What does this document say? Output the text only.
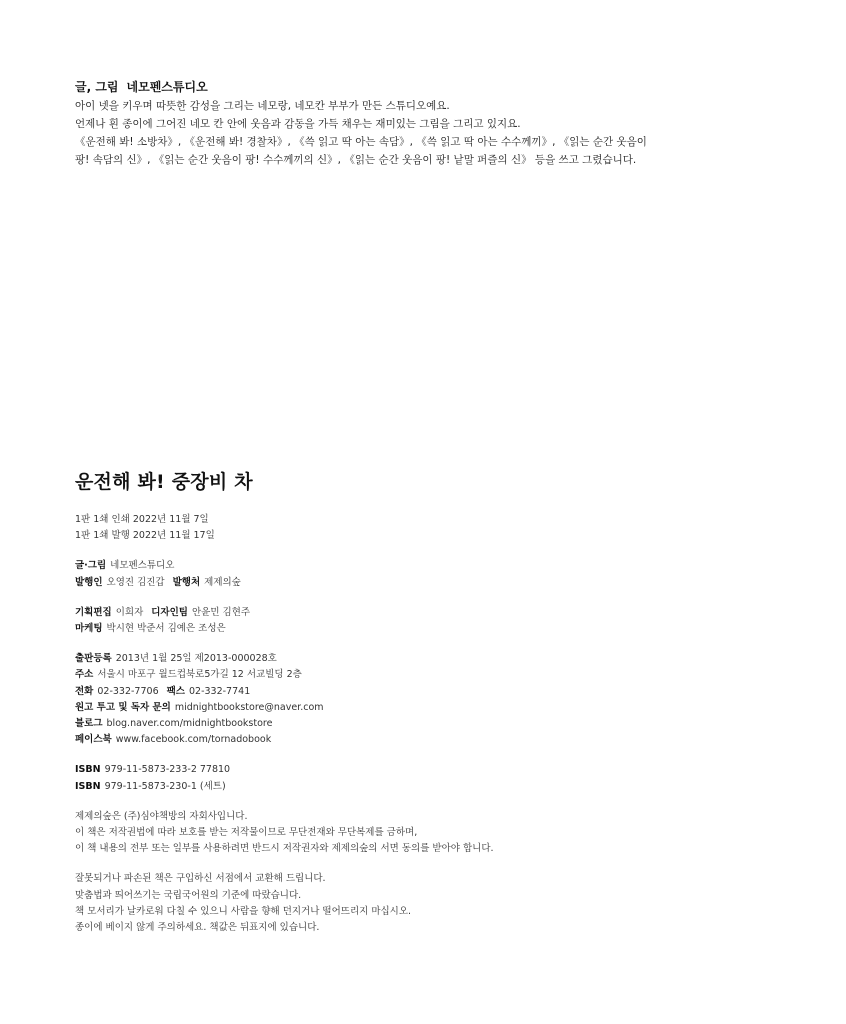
글, 그림 네모펜스튜디오

아이 넷을 키우며 따뜻한 감성을 그리는 네모랑, 네모칸 부부가 만든 스튜디오예요.

언제나 흰 종이에 그어진 네모 칸 안에 웃음과 감동을 가득 채우는 재미있는 그림을 그리고 있지요.

《운전해 봐! 소방차》, 《운전해 봐! 경찰차》, 《쓱 읽고 딱 아는 속담》, 《쓱 읽고 딱 아는 수수께끼》, 《읽는 순간 웃음이

팡! 속담의 신》, 《읽는 순간 웃음이 팡! 수수께끼의 신》, 《읽는 순간 웃음이 팡! 낱말 퍼즐의 신》 등을 쓰고 그렸습니다.

운전해 봐! 중장비 차

1판 1쇄 인쇄 2022년 11월 7일

1판 1쇄 발행 2022년 11월 17일

글·그림 네모펜스튜디오

발행인 오영진 김진갑 발행처 제제의숲

기획편집 이희자 디자인팀 안윤민 김현주

마케팅 박시현 박준서 김예은 조성은

출판등록 2013년 1월 25일 제2013-000028호

주소 서울시 마포구 월드컵북로5가길 12 서교빌딩 2층

전화 02-332-7706 팩스 02-332-7741

원고 투고 및 독자 문의 midnightbookstore@naver.com

블로그 blog.naver.com/midnightbookstore

페이스북 www.facebook.com/tornadobook

ISBN 979-11-5873-233-2 77810

ISBN 979-11-5873-230-1 (세트)

제제의숲은 (주)심야책방의 자회사입니다.

이 책은 저작권법에 따라 보호를 받는 저작물이므로 무단전재와 무단복제를 금하며,

이 책 내용의 전부 또는 일부를 사용하려면 반드시 저작권자와 제제의숲의 서면 동의를 받아야 합니다.

잘못되거나 파손된 책은 구입하신 서점에서 교환해 드립니다.

맞춤법과 띄어쓰기는 국립국어원의 기준에 따랐습니다.

책 모서리가 날카로워 다칠 수 있으니 사람을 향해 던지거나 떨어뜨리지 마십시오.

종이에 베이지 않게 주의하세요. 책값은 뒤표지에 있습니다.
